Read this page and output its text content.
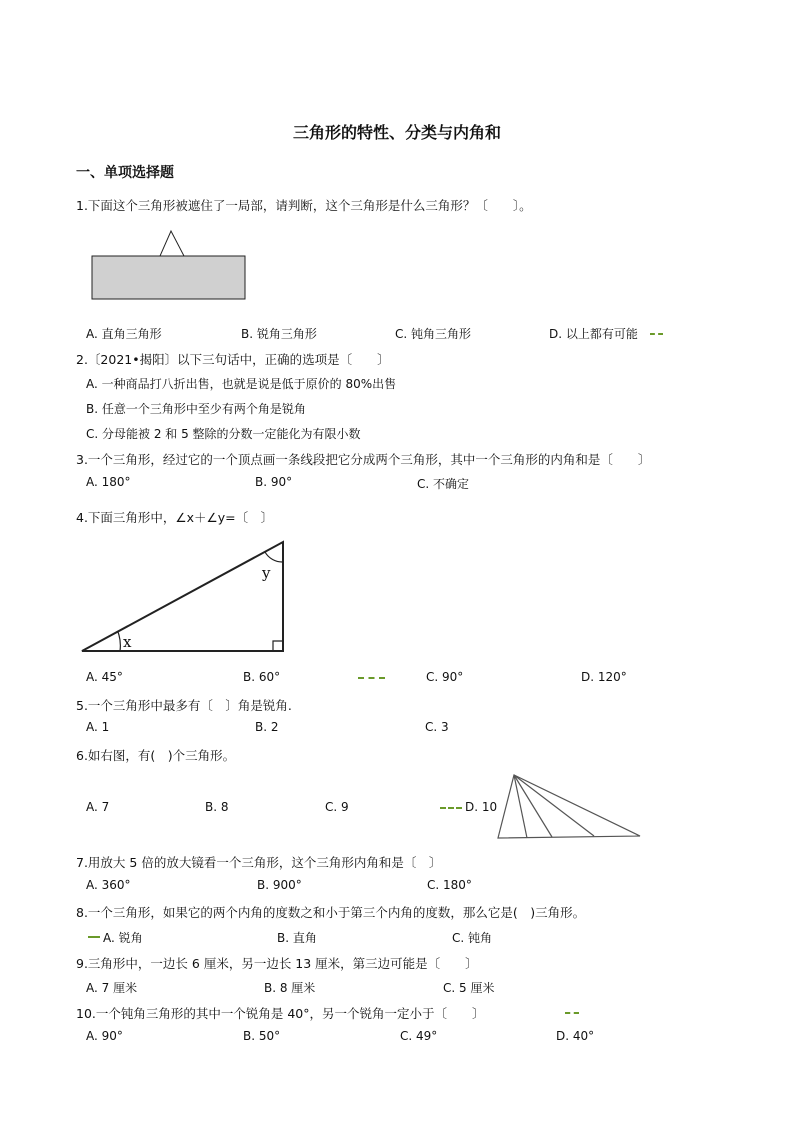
三角形的特性、分类与内角和
一、单项选择题
1.下面这个三角形被遮住了一局部，请判断，这个三角形是什么三角形？〔　　〕。
A. 直角三角形	B. 锐角三角形	C. 钝角三角形	D. 以上都有可能
2.〔2021•揭阳〕以下三句话中，正确的选项是〔　　〕
A. 一种商品打八折出售，也就是说是低于原价的 80%出售
B. 任意一个三角形中至少有两个角是锐角
C. 分母能被 2 和 5 整除的分数一定能化为有限小数
3.一个三角形，经过它的一个顶点画一条线段把它分成两个三角形，其中一个三角形的内角和是〔　　〕
A. 180°	B. 90°	C. 不确定
4.下面三角形中，∠x＋∠y=〔　〕
x
y
A. 45°	B. 60°	C. 90°	D. 120°
5.一个三角形中最多有〔　〕角是锐角.
A. 1	B. 2	C. 3
6.如右图，有(　)个三角形。
A. 7	B. 8	C. 9	D. 10
7.用放大 5 倍的放大镜看一个三角形，这个三角形内角和是〔　〕
A. 360°	B. 900°	C. 180°
8.一个三角形，如果它的两个内角的度数之和小于第三个内角的度数，那么它是(　)三角形。
A. 锐角	B. 直角	C. 钝角
9.三角形中，一边长 6 厘米，另一边长 13 厘米，第三边可能是〔　　〕
A. 7 厘米	B. 8 厘米	C. 5 厘米
10.一个钝角三角形的其中一个锐角是 40°，另一个锐角一定小于〔　　〕
A. 90°	B. 50°	C. 49°	D. 40°
